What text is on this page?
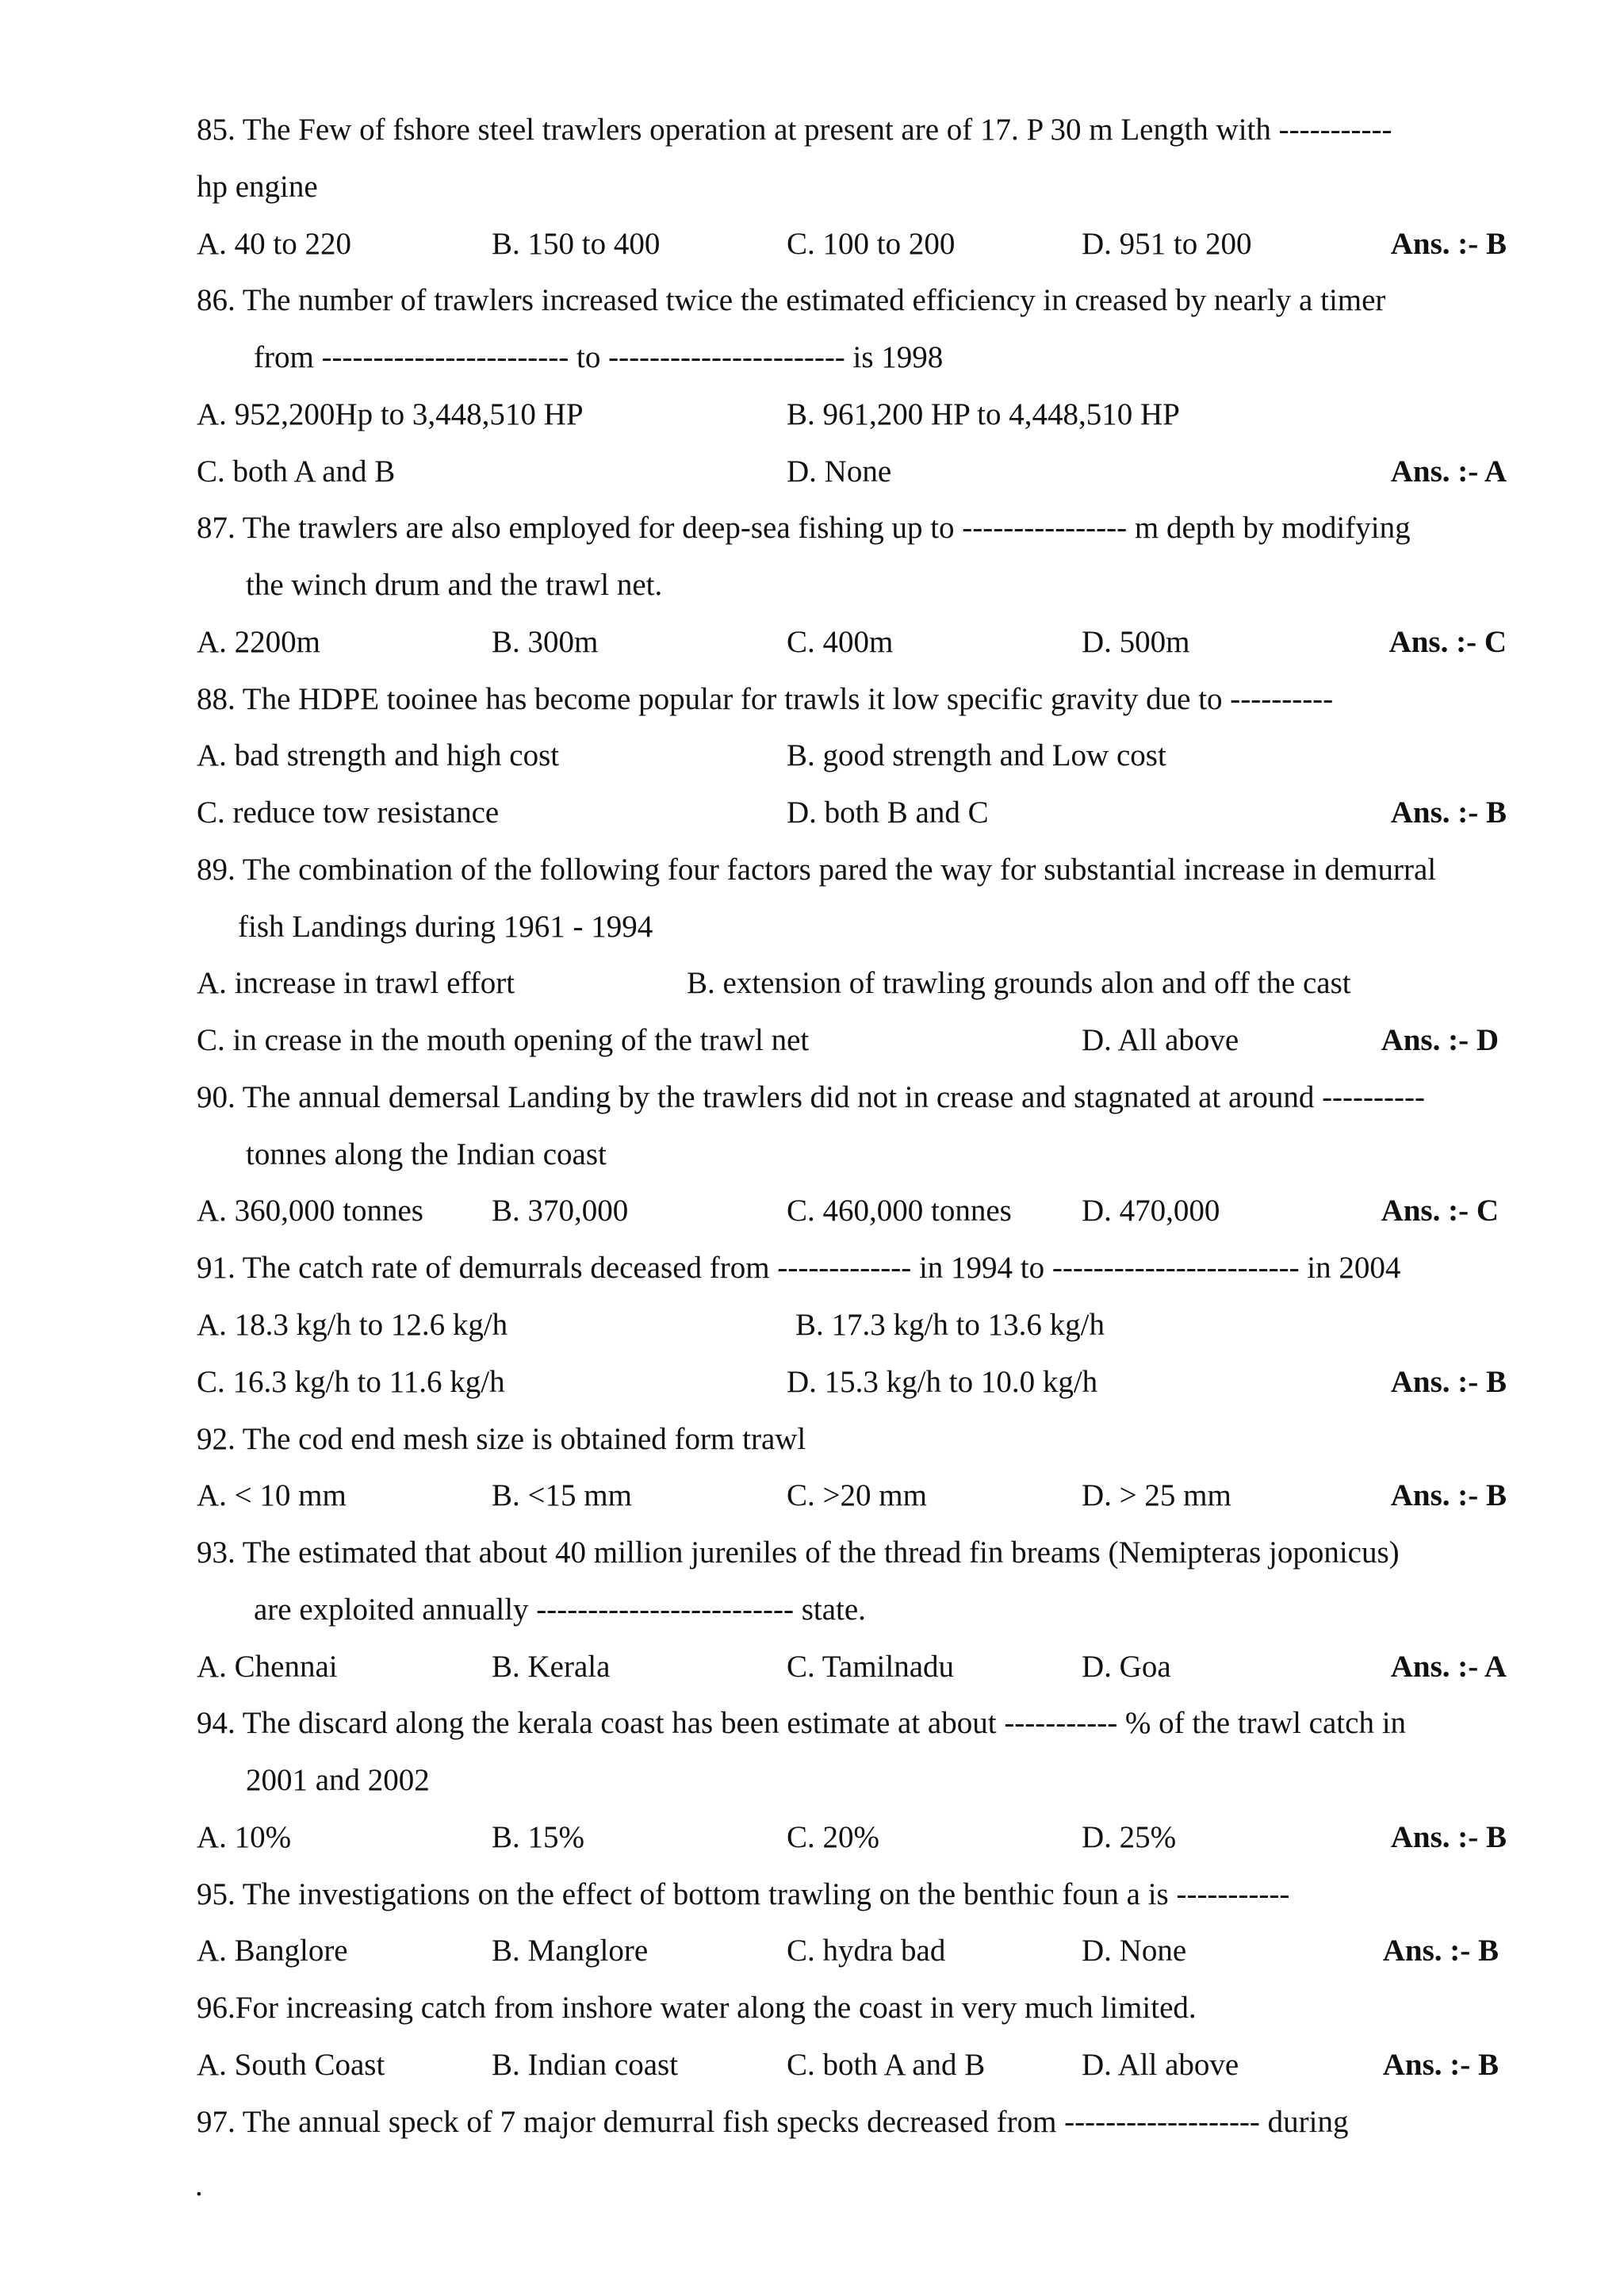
85. The Few of fshore steel trawlers operation at present are of 17. P 30 m Length with -----------
hp engine
A. 40 to 220	B. 150 to 400	C. 100 to 200	D. 951 to 200	Ans. :- B
86. The number of trawlers increased twice the estimated efficiency in creased by nearly a timer
from ------------------------ to ----------------------- is 1998
A. 952,200Hp to 3,448,510 HP	B. 961,200 HP to 4,448,510 HP
C. both A and B	D. None	Ans. :- A
87. The trawlers are also employed for deep-sea fishing up to ---------------- m depth by modifying
the winch drum and the trawl net.
A. 2200m	B. 300m	C. 400m	D. 500m	Ans. :- C
88. The HDPE tooinee has become popular for trawls it low specific gravity due to ----------
A. bad strength and high cost	B. good strength and Low cost
C. reduce tow resistance	D. both B and C	Ans. :- B
89. The combination of the following four factors pared the way for substantial increase in demurral
fish Landings during 1961 - 1994
A. increase in trawl effort	B. extension of trawling grounds alon and off the cast
C. in crease in the mouth opening of the trawl net	D. All above	Ans. :- D
90. The annual demersal Landing by the trawlers did not in crease and stagnated at around ----------
tonnes along the Indian coast
A. 360,000 tonnes B. 370,000	C. 460,000 tonnes D. 470,000	Ans. :- C
91. The catch rate of demurrals deceased from ------------- in 1994 to ------------------------ in 2004
A. 18.3 kg/h to 12.6 kg/h	B. 17.3 kg/h to 13.6 kg/h
C. 16.3 kg/h to 11.6 kg/h	D. 15.3 kg/h to 10.0 kg/h	Ans. :- B
92. The cod end mesh size is obtained form trawl
A. < 10 mm	B. <15 mm	C. >20 mm	D. > 25 mm	Ans. :- B
93. The estimated that about 40 million jureniles of the thread fin breams (Nemipteras joponicus)
are exploited annually ------------------------- state.
A. Chennai	B. Kerala	C. Tamilnadu	D. Goa	Ans. :- A
94. The discard along the kerala coast has been estimate at about ----------- % of the trawl catch in
2001 and 2002
A. 10%	B. 15%	C. 20%	D. 25%	Ans. :- B
95. The investigations on the effect of bottom trawling on the benthic foun a is -----------
A. Banglore	B. Manglore	C. hydra bad	D. None	Ans. :- B
96.For increasing catch from inshore water along the coast in very much limited.
A. South Coast	B. Indian coast	C. both A and B	D. All above	Ans. :- B
97. The annual speck of 7 major demurral fish specks decreased from ------------------- during
.
